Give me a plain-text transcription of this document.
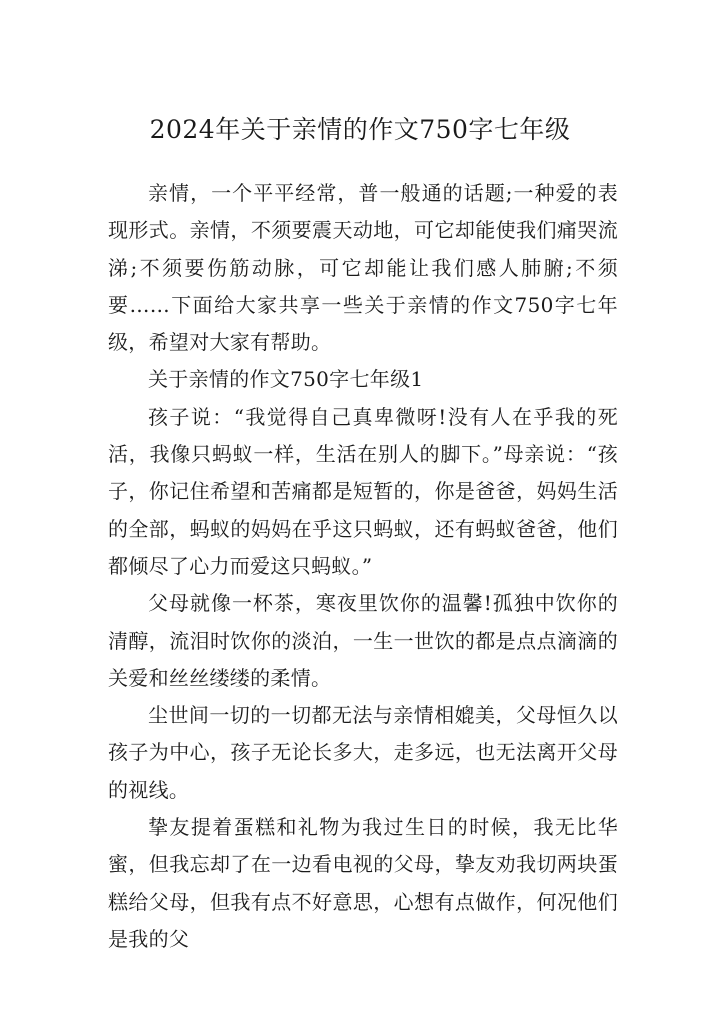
2024年关于亲情的作文750字七年级

亲情，一个平平经常，普一般通的话题;一种爱的表现形式。亲情，不须要震天动地，可它却能使我们痛哭流涕;不须要伤筋动脉，可它却能让我们感人肺腑;不须要……下面给大家共享一些关于亲情的作文750字七年级，希望对大家有帮助。

关于亲情的作文750字七年级1

孩子说：“我觉得自己真卑微呀!没有人在乎我的死活，我像只蚂蚁一样，生活在别人的脚下。”母亲说：“孩子，你记住希望和苦痛都是短暂的，你是爸爸，妈妈生活的全部，蚂蚁的妈妈在乎这只蚂蚁，还有蚂蚁爸爸，他们都倾尽了心力而爱这只蚂蚁。”

父母就像一杯茶，寒夜里饮你的温馨!孤独中饮你的清醇，流泪时饮你的淡泊，一生一世饮的都是点点滴滴的关爱和丝丝缕缕的柔情。

尘世间一切的一切都无法与亲情相媲美，父母恒久以孩子为中心，孩子无论长多大，走多远，也无法离开父母的视线。

挚友提着蛋糕和礼物为我过生日的时候，我无比华蜜，但我忘却了在一边看电视的父母，挚友劝我切两块蛋糕给父母，但我有点不好意思，心想有点做作，何况他们是我的父
